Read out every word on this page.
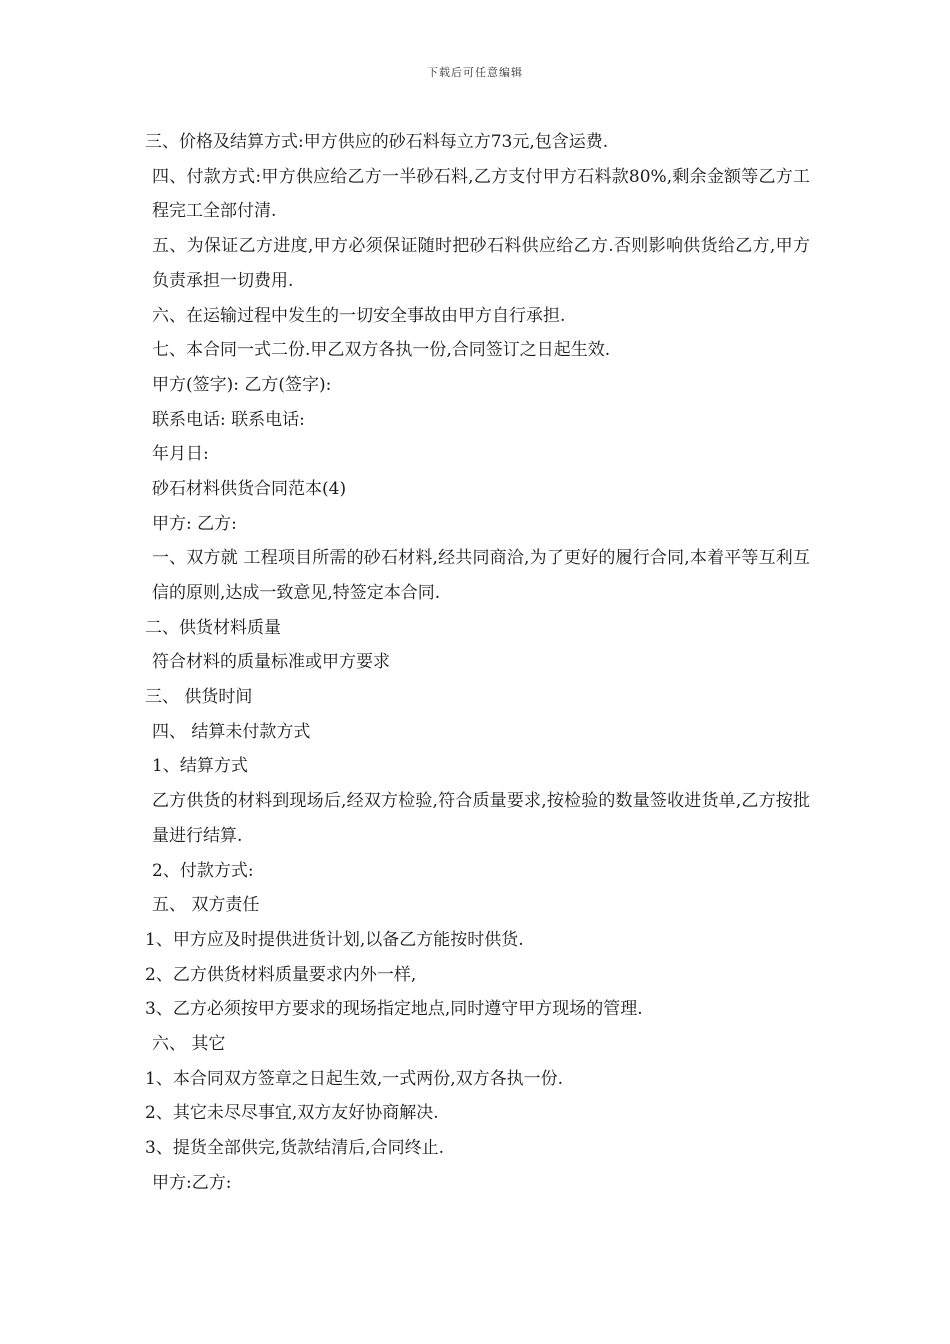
下载后可任意编辑
三、价格及结算方式:甲方供应的砂石料每立方73元,包含运费.
四、付款方式:甲方供应给乙方一半砂石料,乙方支付甲方石料款80%,剩余金额等乙方工程完工全部付清.
五、为保证乙方进度,甲方必须保证随时把砂石料供应给乙方.否则影响供货给乙方,甲方负责承担一切费用.
六、在运输过程中发生的一切安全事故由甲方自行承担.
七、本合同一式二份.甲乙双方各执一份,合同签订之日起生效.
甲方(签字): 乙方(签字):
联系电话: 联系电话:
年月日:
砂石材料供货合同范本(4)
甲方: 乙方:
一、双方就 工程项目所需的砂石材料,经共同商洽,为了更好的履行合同,本着平等互利互信的原则,达成一致意见,特签定本合同.
二、供货材料质量
符合材料的质量标准或甲方要求
三、 供货时间
四、 结算未付款方式
1、结算方式
乙方供货的材料到现场后,经双方检验,符合质量要求,按检验的数量签收进货单,乙方按批量进行结算.
2、付款方式:
五、 双方责任
1、甲方应及时提供进货计划,以备乙方能按时供货.
2、乙方供货材料质量要求内外一样,
3、乙方必须按甲方要求的现场指定地点,同时遵守甲方现场的管理.
六、 其它
1、本合同双方签章之日起生效,一式两份,双方各执一份.
2、其它未尽尽事宜,双方友好协商解决.
3、提货全部供完,货款结清后,合同终止.
甲方:乙方:
